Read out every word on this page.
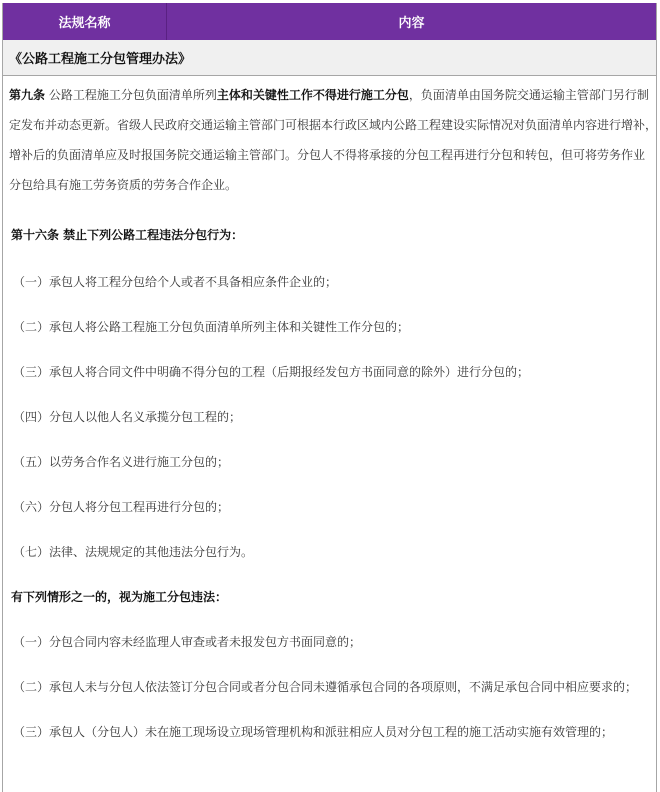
法规名称	内容
《公路工程施工分包管理办法》
第九条 公路工程施工分包负面清单所列主体和关键性工作不得进行施工分包，负面清单由国务院交通运输主管部门另行制
定发布并动态更新。省级人民政府交通运输主管部门可根据本行政区域内公路工程建设实际情况对负面清单内容进行增补，
增补后的负面清单应及时报国务院交通运输主管部门。分包人不得将承接的分包工程再进行分包和转包，但可将劳务作业
分包给具有施工劳务资质的劳务合作企业。
第十六条 禁止下列公路工程违法分包行为：
（一）承包人将工程分包给个人或者不具备相应条件企业的；
（二）承包人将公路工程施工分包负面清单所列主体和关键性工作分包的；
（三）承包人将合同文件中明确不得分包的工程（后期报经发包方书面同意的除外）进行分包的；
（四）分包人以他人名义承揽分包工程的；
（五）以劳务合作名义进行施工分包的；
（六）分包人将分包工程再进行分包的；
（七）法律、法规规定的其他违法分包行为。
有下列情形之一的，视为施工分包违法：
（一）分包合同内容未经监理人审查或者未报发包方书面同意的；
（二）承包人未与分包人依法签订分包合同或者分包合同未遵循承包合同的各项原则，不满足承包合同中相应要求的；
（三）承包人（分包人）未在施工现场设立现场管理机构和派驻相应人员对分包工程的施工活动实施有效管理的；
